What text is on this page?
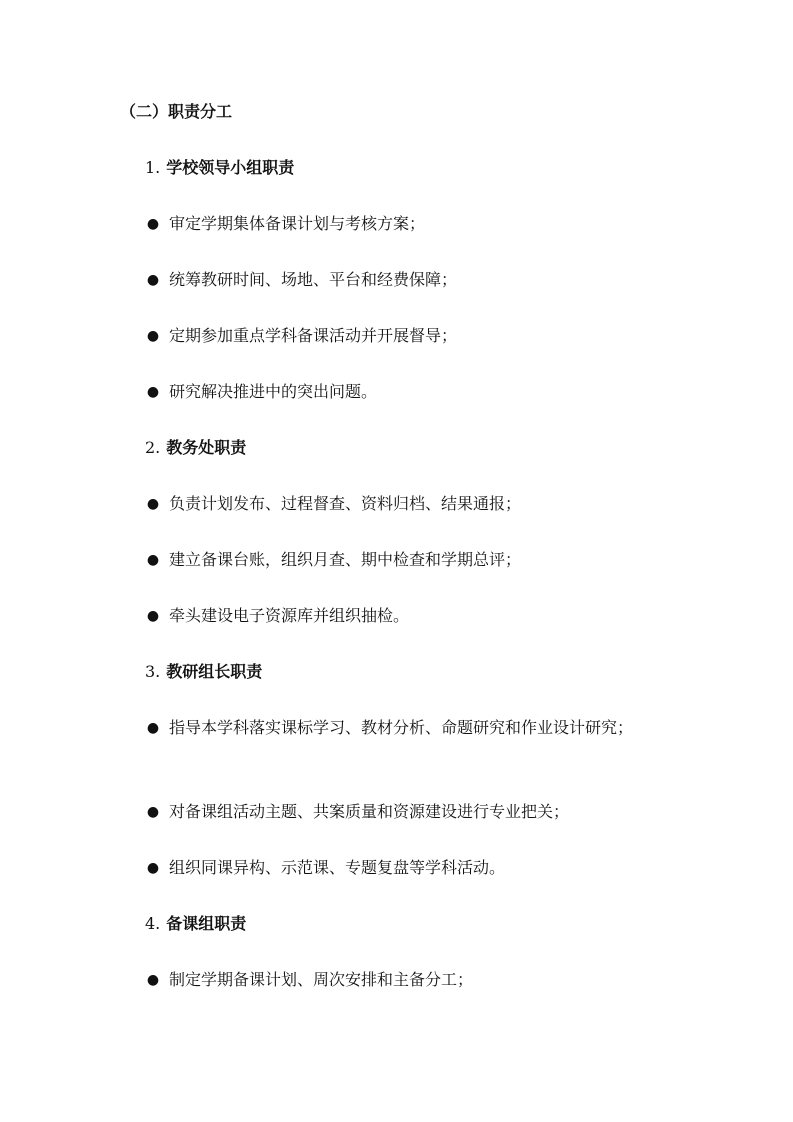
（二）职责分工
1. 学校领导小组职责
● 审定学期集体备课计划与考核方案；
● 统筹教研时间、场地、平台和经费保障；
● 定期参加重点学科备课活动并开展督导；
● 研究解决推进中的突出问题。
2. 教务处职责
● 负责计划发布、过程督查、资料归档、结果通报；
● 建立备课台账，组织月查、期中检查和学期总评；
● 牵头建设电子资源库并组织抽检。
3. 教研组长职责
● 指导本学科落实课标学习、教材分析、命题研究和作业设计研究；
● 对备课组活动主题、共案质量和资源建设进行专业把关；
● 组织同课异构、示范课、专题复盘等学科活动。
4. 备课组职责
● 制定学期备课计划、周次安排和主备分工；
